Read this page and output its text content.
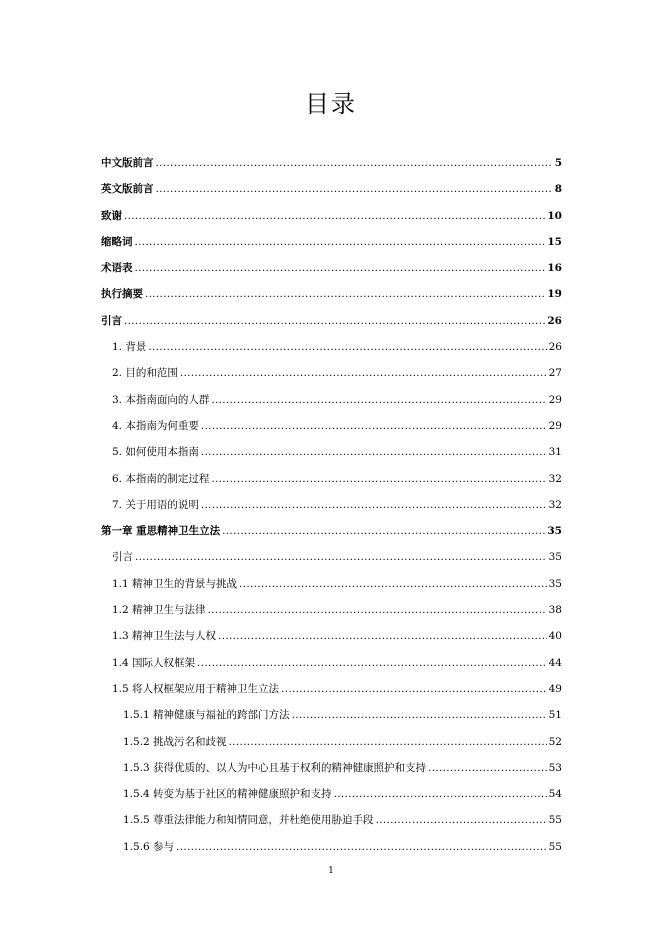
目录
中文版前言 .....	5
英文版前言 .....	8
致谢 .....	10
缩略词 .....	15
术语表 .....	16
执行摘要 .....	19
引言 .....	26
1. 背景 .....	26
2. 目的和范围 .....	27
3. 本指南面向的人群 .....	29
4. 本指南为何重要 .....	29
5. 如何使用本指南 .....	31
6. 本指南的制定过程 .....	32
7. 关于用语的说明 .....	32
第一章 重思精神卫生立法 .....	35
引言 .....	35
1.1 精神卫生的背景与挑战 .....	35
1.2 精神卫生与法律 .....	38
1.3 精神卫生法与人权 .....	40
1.4 国际人权框架 .....	44
1.5 将人权框架应用于精神卫生立法 .....	49
1.5.1 精神健康与福祉的跨部门方法 .....	51
1.5.2 挑战污名和歧视 .....	52
1.5.3 获得优质的、以人为中心且基于权利的精神健康照护和支持 .....	53
1.5.4 转变为基于社区的精神健康照护和支持 .....	54
1.5.5 尊重法律能力和知情同意，并杜绝使用胁迫手段 .....	55
1.5.6 参与 .....	55
1
